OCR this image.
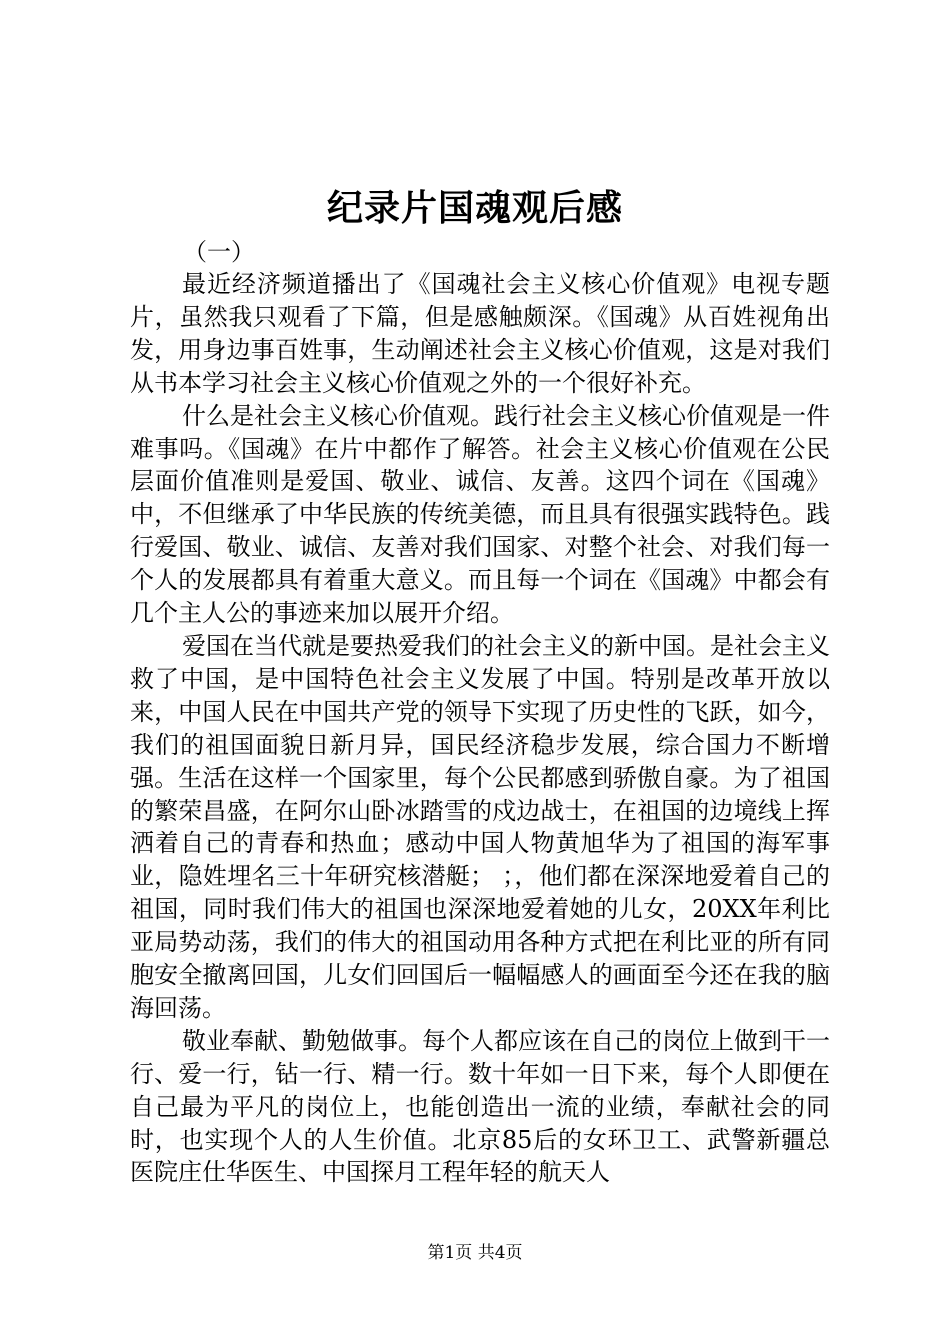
纪录片国魂观后感
（一）

最近经济频道播出了《国魂社会主义核心价值观》电视专题片，虽然我只观看了下篇，但是感触颇深。《国魂》从百姓视角出发，用身边事百姓事，生动阐述社会主义核心价值观，这是对我们从书本学习社会主义核心价值观之外的一个很好补充。

什么是社会主义核心价值观。践行社会主义核心价值观是一件难事吗。《国魂》在片中都作了解答。社会主义核心价值观在公民层面价值准则是爱国、敬业、诚信、友善。这四个词在《国魂》中，不但继承了中华民族的传统美德，而且具有很强实践特色。践行爱国、敬业、诚信、友善对我们国家、对整个社会、对我们每一个人的发展都具有着重大意义。而且每一个词在《国魂》中都会有几个主人公的事迹来加以展开介绍。

爱国在当代就是要热爱我们的社会主义的新中国。是社会主义救了中国，是中国特色社会主义发展了中国。特别是改革开放以来，中国人民在中国共产党的领导下实现了历史性的飞跃，如今，我们的祖国面貌日新月异，国民经济稳步发展，综合国力不断增强。生活在这样一个国家里，每个公民都感到骄傲自豪。为了祖国的繁荣昌盛，在阿尔山卧冰踏雪的戍边战士，在祖国的边境线上挥洒着自己的青春和热血；感动中国人物黄旭华为了祖国的海军事业，隐姓埋名三十年研究核潜艇； ；，他们都在深深地爱着自己的祖国，同时我们伟大的祖国也深深地爱着她的儿女，20XX年利比亚局势动荡，我们的伟大的祖国动用各种方式把在利比亚的所有同胞安全撤离回国，儿女们回国后一幅幅感人的画面至今还在我的脑海回荡。

敬业奉献、勤勉做事。每个人都应该在自己的岗位上做到干一行、爱一行，钻一行、精一行。数十年如一日下来，每个人即便在自己最为平凡的岗位上，也能创造出一流的业绩，奉献社会的同时，也实现个人的人生价值。北京85后的女环卫工、武警新疆总医院庄仕华医生、中国探月工程年轻的航天人

第1页 共4页
